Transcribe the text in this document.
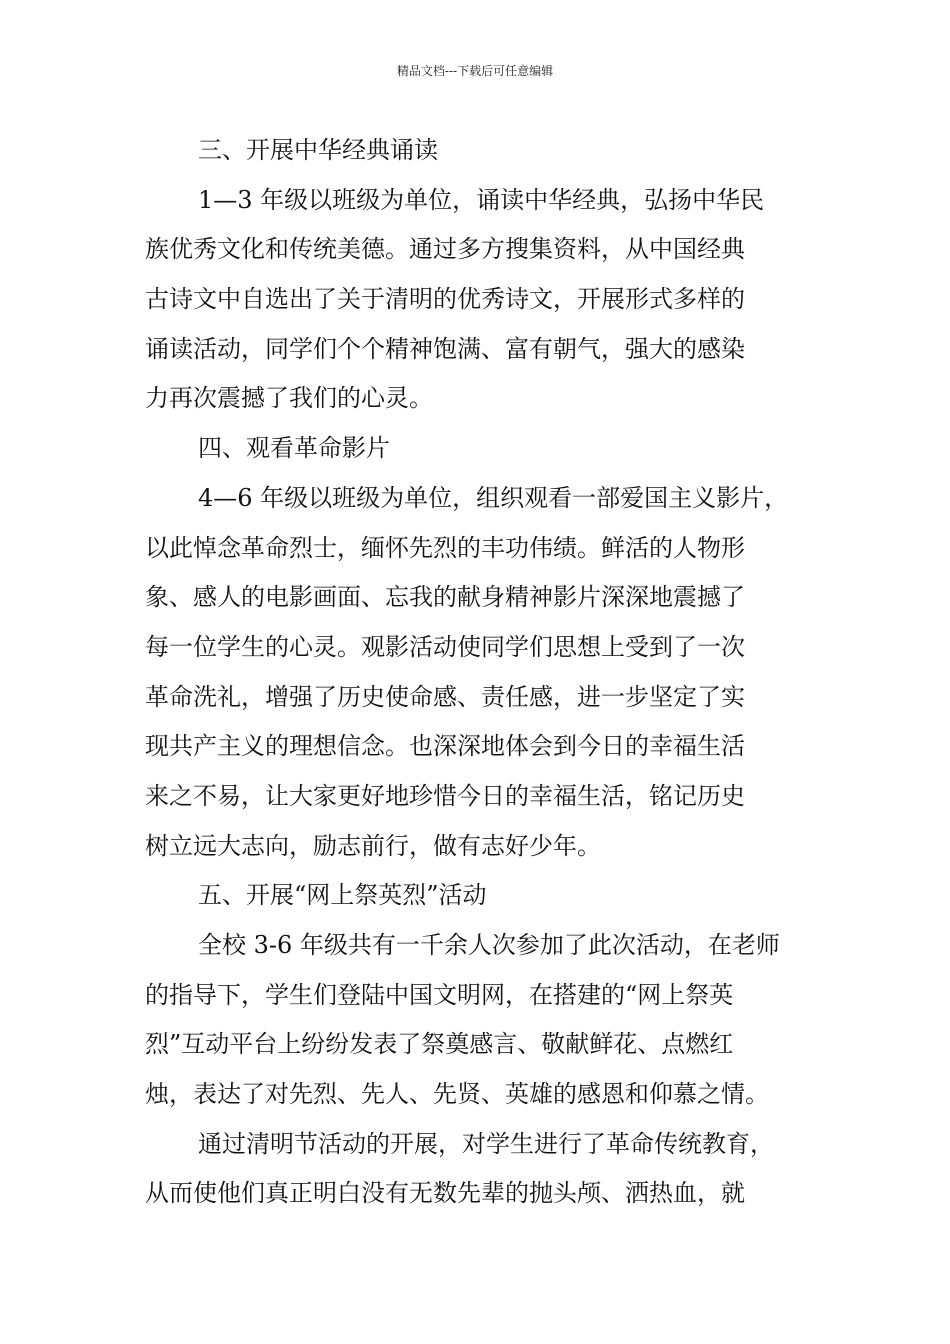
精品文档---下载后可任意编辑
三、开展中华经典诵读
1—3 年级以班级为单位，诵读中华经典，弘扬中华民
族优秀文化和传统美德。通过多方搜集资料，从中国经典
古诗文中自选出了关于清明的优秀诗文，开展形式多样的
诵读活动，同学们个个精神饱满、富有朝气，强大的感染
力再次震撼了我们的心灵。
四、观看革命影片
4—6 年级以班级为单位，组织观看一部爱国主义影片，
以此悼念革命烈士，缅怀先烈的丰功伟绩。鲜活的人物形
象、感人的电影画面、忘我的献身精神影片深深地震撼了
每一位学生的心灵。观影活动使同学们思想上受到了一次
革命洗礼，增强了历史使命感、责任感，进一步坚定了实
现共产主义的理想信念。也深深地体会到今日的幸福生活
来之不易，让大家更好地珍惜今日的幸福生活，铭记历史
树立远大志向，励志前行，做有志好少年。
五、开展“网上祭英烈”活动
全校 3-6 年级共有一千余人次参加了此次活动，在老师
的指导下，学生们登陆中国文明网，在搭建的“网上祭英
烈”互动平台上纷纷发表了祭奠感言、敬献鲜花、点燃红
烛，表达了对先烈、先人、先贤、英雄的感恩和仰慕之情。
通过清明节活动的开展，对学生进行了革命传统教育，
从而使他们真正明白没有无数先辈的抛头颅、洒热血，就
